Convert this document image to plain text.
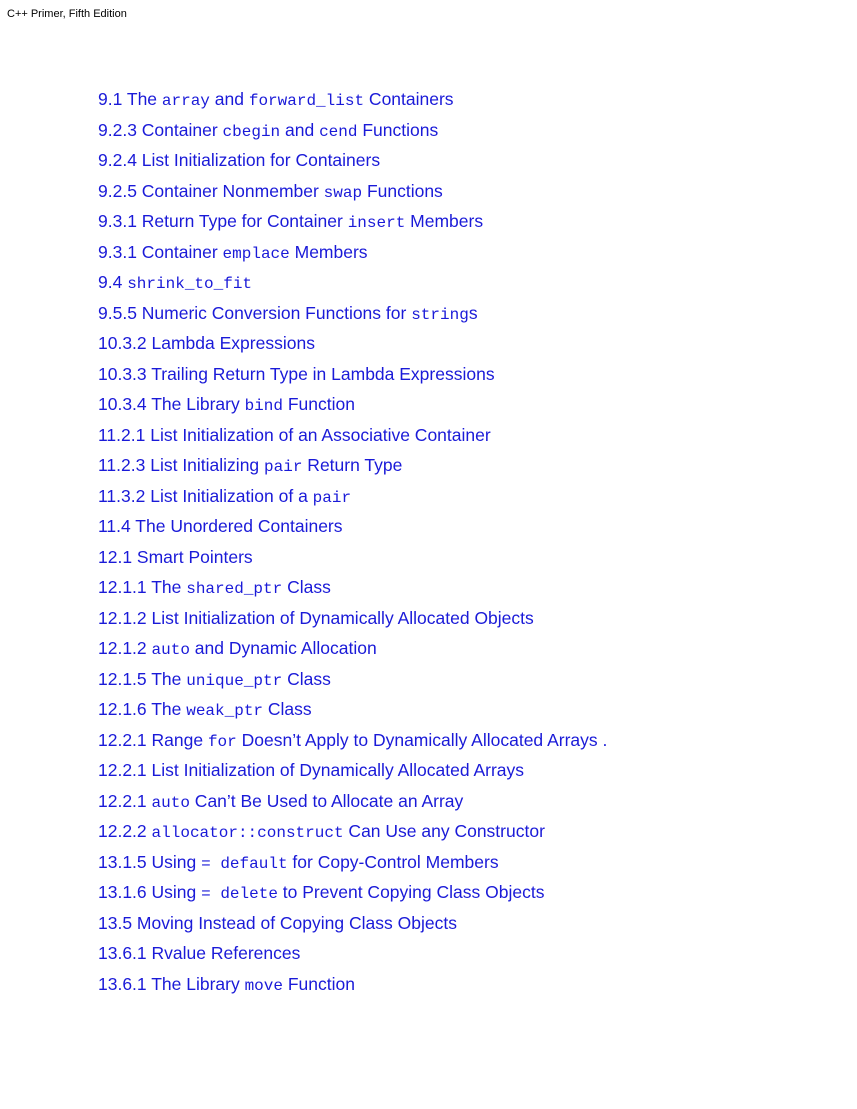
C++ Primer, Fifth Edition
9.1 The array and forward_list Containers
9.2.3 Container cbegin and cend Functions
9.2.4 List Initialization for Containers
9.2.5 Container Nonmember swap Functions
9.3.1 Return Type for Container insert Members
9.3.1 Container emplace Members
9.4 shrink_to_fit
9.5.5 Numeric Conversion Functions for strings
10.3.2 Lambda Expressions
10.3.3 Trailing Return Type in Lambda Expressions
10.3.4 The Library bind Function
11.2.1 List Initialization of an Associative Container
11.2.3 List Initializing pair Return Type
11.3.2 List Initialization of a pair
11.4 The Unordered Containers
12.1 Smart Pointers
12.1.1 The shared_ptr Class
12.1.2 List Initialization of Dynamically Allocated Objects
12.1.2 auto and Dynamic Allocation
12.1.5 The unique_ptr Class
12.1.6 The weak_ptr Class
12.2.1 Range for Doesn’t Apply to Dynamically Allocated Arrays .
12.2.1 List Initialization of Dynamically Allocated Arrays
12.2.1 auto Can’t Be Used to Allocate an Array
12.2.2 allocator::construct Can Use any Constructor
13.1.5 Using = default for Copy-Control Members
13.1.6 Using = delete to Prevent Copying Class Objects
13.5 Moving Instead of Copying Class Objects
13.6.1 Rvalue References
13.6.1 The Library move Function
